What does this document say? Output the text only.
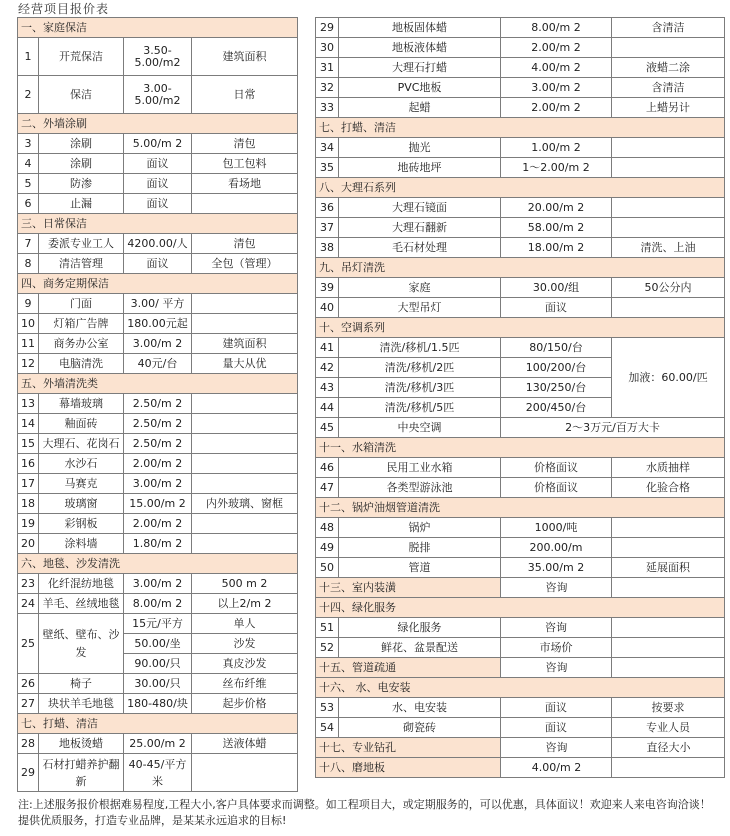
经营项目报价表
一、家庭保洁			
1	开荒保洁	3.50-5.00/m2	建筑面积
2	保洁	3.00-5.00/m2	日常
二、外墙涂刷			
3	涂刷	5.00/m 2	清包
4	涂刷	面议	包工包料
5	防渗	面议	看场地
6	止漏	面议	
三、日常保洁			
7	委派专业工人	4200.00/人	清包
8	清洁管理	面议	全包（管理）
四、商务定期保洁			
9	门面	3.00/ 平方	
10	灯箱广告牌	180.00元起	
11	商务办公室	3.00/m 2	建筑面积
12	电脑清洗	40元/台	量大从优
五、外墙清洗类			
13	幕墙玻璃	2.50/m 2	
14	釉面砖	2.50/m 2	
15	大理石、花岗石	2.50/m 2	
16	水沙石	2.00/m 2	
17	马赛克	3.00/m 2	
18	玻璃窗	15.00/m 2	内外玻璃、窗框
19	彩钢板	2.00/m 2	
20	涂料墙	1.80/m 2	
六、地毯、沙发清洗			
23	化纤混纺地毯	3.00/m 2	500 m 2
24	羊毛、丝绒地毯	8.00/m 2	以上2/m 2
25	壁纸、壁布、沙发	15元/平方	单人
		50.00/坐	沙发
		90.00/只	真皮沙发
26	椅子	30.00/只	丝布纤维
27	块状羊毛地毯	180-480/块	起步价格
七、打蜡、清洁			
28	地板烫蜡	25.00/m 2	送液体蜡
29	石材打蜡养护翻新	40-45/平方米	
29	地板固体蜡	8.00/m 2	含清洁
30	地板液体蜡	2.00/m 2	
31	大理石打蜡	4.00/m 2	液蜡二涂
32	PVC地板	3.00/m 2	含清洁
33	起蜡	2.00/m 2	上蜡另计
七、打蜡、清洁			
34	抛光	1.00/m 2	
35	地砖地坪	1～2.00/m 2	
八、大理石系列			
36	大理石镜面	20.00/m 2	
37	大理石翻新	58.00/m 2	
38	毛石材处理	18.00/m 2	清洗、上油
九、吊灯清洗			
39	家庭	30.00/组	50公分内
40	大型吊灯	面议	
十、空调系列			
41	清洗/移机/1.5匹	80/150/台	加液：60.00/匹
42	清洗/移机/2匹	100/200/台	
43	清洗/移机/3匹	130/250/台	
44	清洗/移机/5匹	200/450/台	
45	中央空调	2～3万元/百万大卡	
十一、水箱清洗			
46	民用工业水箱	价格面议	水质抽样
47	各类型游泳池	价格面议	化验合格
十二、锅炉油烟管道清洗			
48	锅炉	1000/吨	
49	脱排	200.00/m	
50	管道	35.00/m 2	延展面积
十三、室内装潢		咨询	
十四、绿化服务			
51	绿化服务	咨询	
52	鲜花、盆景配送	市场价	
十五、管道疏通		咨询	
十六、 水、电安装			
53	水、电安装	面议	按要求
54	砌瓷砖	面议	专业人员
十七、专业钻孔		咨询	直径大小
十八、磨地板		4.00/m 2	
注:上述服务报价根据难易程度,工程大小,客户具体要求而调整。如工程项目大，或定期服务的，可以优惠，具体面议！欢迎来人来电咨询洽谈！
提供优质服务，打造专业品牌，是某某永远追求的目标!
